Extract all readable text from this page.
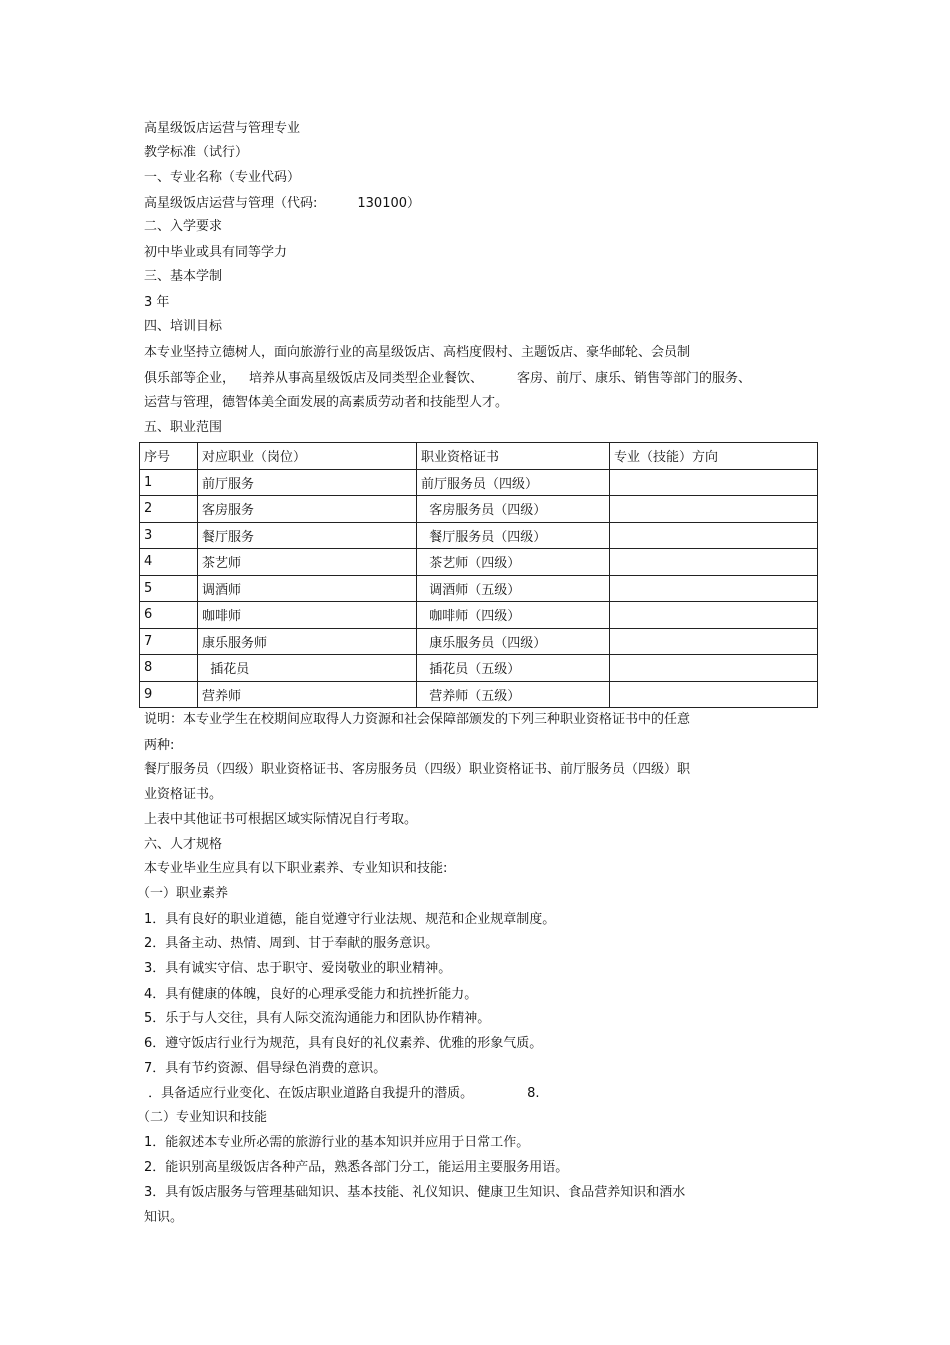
高星级饭店运营与管理专业
教学标准（试行）
一、专业名称（专业代码）
高星级饭店运营与管理（代码:	130100）
二、入学要求
初中毕业或具有同等学力
三、基本学制
3 年
四、培训目标
本专业坚持立德树人，面向旅游行业的高星级饭店、高档度假村、主题饭店、豪华邮轮、会员制
俱乐部等企业， 培养从事高星级饭店及同类型企业餐饮、	客房、前厅、康乐、销售等部门的服务、
运营与管理，德智体美全面发展的高素质劳动者和技能型人才。
五、职业范围
序号	对应职业（岗位）	职业资格证书	专业（技能）方向
1	前厅服务	前厅服务员（四级）	
2	客房服务	客房服务员（四级）	
3	餐厅服务	餐厅服务员（四级）	
4	茶艺师	茶艺师（四级）	
5	调酒师	调酒师（五级）	
6	咖啡师	咖啡师（四级）	
7	康乐服务师	康乐服务员（四级）	
8	插花员	插花员（五级）	
9	营养师	营养师（五级）	
说明：本专业学生在校期间应取得人力资源和社会保障部颁发的下列三种职业资格证书中的任意
两种:
餐厅服务员（四级）职业资格证书、客房服务员（四级）职业资格证书、前厅服务员（四级）职
业资格证书。
上表中其他证书可根据区域实际情况自行考取。
六、人才规格
本专业毕业生应具有以下职业素养、专业知识和技能:
（一）职业素养
1．具有良好的职业道德，能自觉遵守行业法规、规范和企业规章制度。
2．具备主动、热情、周到、甘于奉献的服务意识。
3．具有诚实守信、忠于职守、爱岗敬业的职业精神。
4．具有健康的体魄，良好的心理承受能力和抗挫折能力。
5．乐于与人交往，具有人际交流沟通能力和团队协作精神。
6．遵守饭店行业行为规范，具有良好的礼仪素养、优雅的形象气质。
7．具有节约资源、倡导绿色消费的意识。
．具备适应行业变化、在饭店职业道路自我提升的潜质。	8.
（二）专业知识和技能
1．能叙述本专业所必需的旅游行业的基本知识并应用于日常工作。
2．能识别高星级饭店各种产品，熟悉各部门分工，能运用主要服务用语。
3．具有饭店服务与管理基础知识、基本技能、礼仪知识、健康卫生知识、食品营养知识和酒水
知识。
